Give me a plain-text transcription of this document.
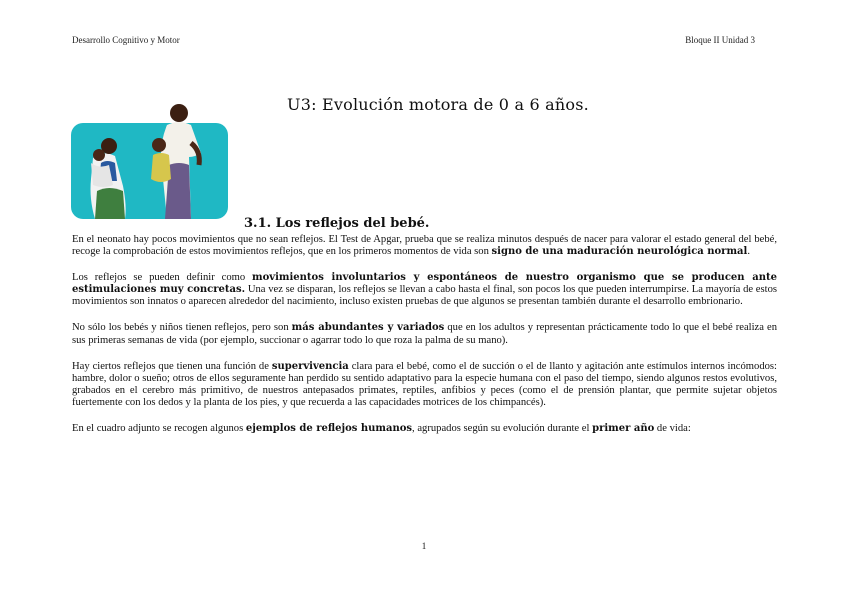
Desarrollo Cognitivo y Motor	Bloque II Unidad 3
U3: Evolución motora de 0 a 6 años.
3.1. Los reflejos del bebé.

En el neonato hay pocos movimientos que no sean reflejos. El Test de Apgar, prueba que se realiza minutos después de nacer para valorar el estado general del bebé, recoge la comprobación de estos movimientos reflejos, que en los primeros momentos de vida son signo de una maduración neurológica normal.

Los reflejos se pueden definir como movimientos involuntarios y espontáneos de nuestro organismo que se producen ante estimulaciones muy concretas. Una vez se disparan, los reflejos se llevan a cabo hasta el final, son pocos los que pueden interrumpirse. La mayoría de estos movimientos son innatos o aparecen alrededor del nacimiento, incluso existen pruebas de que algunos se presentan también durante el desarrollo embrionario.

No sólo los bebés y niños tienen reflejos, pero son más abundantes y variados que en los adultos y representan prácticamente todo lo que el bebé realiza en sus primeras semanas de vida (por ejemplo, succionar o agarrar todo lo que roza la palma de su mano).

Hay ciertos reflejos que tienen una función de supervivencia clara para el bebé, como el de succión o el de llanto y agitación ante estímulos internos incómodos: hambre, dolor o sueño; otros de ellos seguramente han perdido su sentido adaptativo para la especie humana con el paso del tiempo, siendo algunos restos evolutivos, grabados en el cerebro más primitivo, de nuestros antepasados primates, reptiles, anfibios y peces (como el de prensión plantar, que permite sujetar objetos fuertemente con los dedos y la planta de los pies, y que recuerda a las capacidades motrices de los chimpancés).

En el cuadro adjunto se recogen algunos ejemplos de reflejos humanos, agrupados según su evolución durante el primer año de vida:

1
